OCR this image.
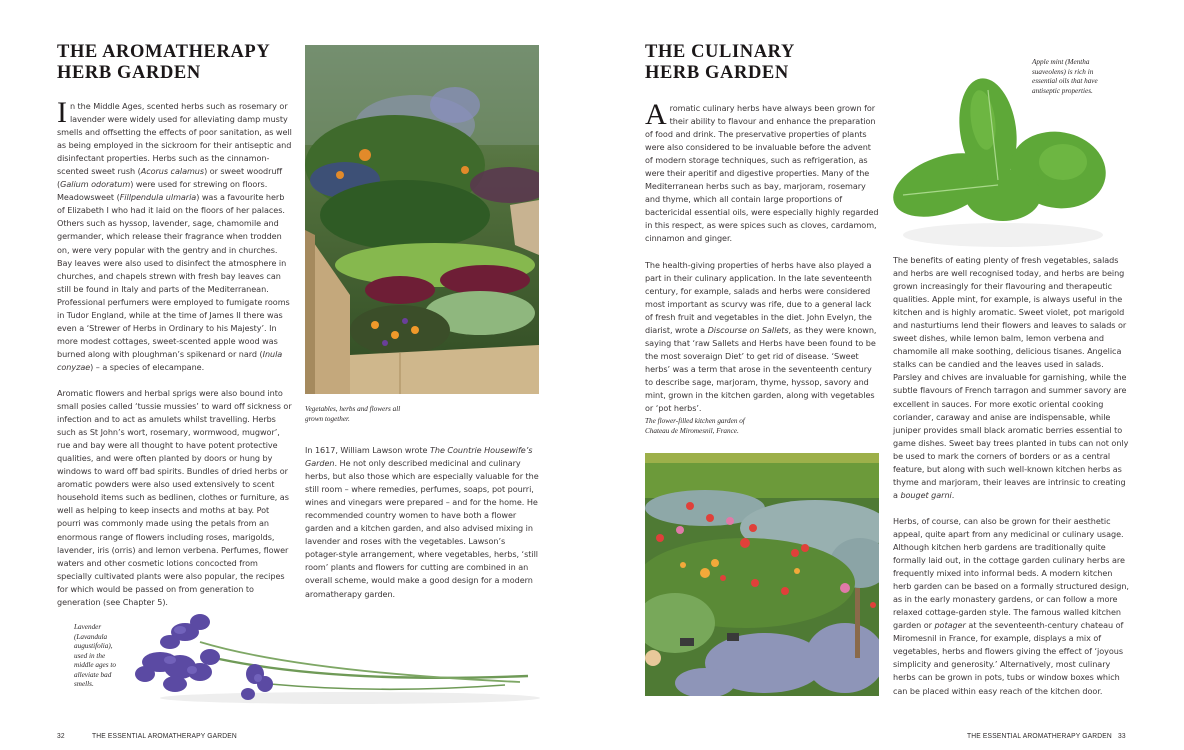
THE AROMATHERAPY
HERB GARDEN

In the Middle Ages, scented herbs such as rosemary or lavender were widely used for alleviating damp musty smells and offsetting the effects of poor sanitation, as well as being employed in the sickroom for their antiseptic and disinfectant properties. Herbs such as the cinnamon-scented sweet rush (Acorus calamus) or sweet woodruff (Galium odoratum) were used for strewing on floors. Meadowsweet (Fillpendula ulmaria) was a favourite herb of Elizabeth I who had it laid on the floors of her palaces. Others such as hyssop, lavender, sage, chamomile and germander, which release their fragrance when trodden on, were very popular with the gentry and in churches. Bay leaves were also used to disinfect the atmosphere in churches, and chapels strewn with fresh bay leaves can still be found in Italy and parts of the Mediterranean. Professional perfumers were employed to fumigate rooms in Tudor England, while at the time of James II there was even a ‘Strewer of Herbs in Ordinary to his Majesty’. In more modest cottages, sweet-scented apple wood was burned along with ploughman’s spikenard or nard (Inula conyzae) – a species of elecampane.

Aromatic flowers and herbal sprigs were also bound into small posies called ‘tussie mussies’ to ward off sickness or infection and to act as amulets whilst travelling. Herbs such as St John’s wort, rosemary, wormwood, mugwor’, rue and bay were all thought to have potent protective qualities, and were often planted by doors or hung by windows to ward off bad spirits. Bundles of dried herbs or aromatic powders were also used extensively to scent household items such as bedlinen, clothes or furniture, as well as helping to keep insects and moths at bay. Pot pourri was commonly made using the petals from an enormous range of flowers including roses, marigolds, lavender, iris (orris) and lemon verbena. Perfumes, flower waters and other cosmetic lotions concocted from specially cultivated plants were also popular, the recipes for which would be passed on from generation to generation (see Chapter 5).

Vegetables, herbs and flowers all grown together.

In 1617, William Lawson wrote The Countrie Housewife’s Garden. He not only described medicinal and culinary herbs, but also those which are especially valuable for the still room – where remedies, perfumes, soaps, pot pourri, wines and vinegars were prepared – and for the home. He recommended country women to have both a flower garden and a kitchen garden, and also advised mixing in lavender and roses with the vegetables. Lawson’s potager-style arrangement, where vegetables, herbs, ‘still room’ plants and flowers for cutting are combined in an overall scheme, would make a good design for a modern aromatherapy garden.

Lavender (Lavandula augustifolia), used in the middle ages to alleviate bad smells.

32	THE ESSENTIAL AROMATHERAPY GARDEN
THE CULINARY
HERB GARDEN

Aromatic culinary herbs have always been grown for their ability to flavour and enhance the preparation of food and drink. The preservative properties of plants were also considered to be invaluable before the advent of modern storage techniques, such as refrigeration, as were their aperitif and digestive properties. Many of the Mediterranean herbs such as bay, marjoram, rosemary and thyme, which all contain large proportions of bactericidal essential oils, were especially highly regarded in this respect, as were spices such as cloves, cardamom, cinnamon and ginger.

The health-giving properties of herbs have also played a part in their culinary application. In the late seventeenth century, for example, salads and herbs were considered most important as scurvy was rife, due to a general lack of fresh fruit and vegetables in the diet. John Evelyn, the diarist, wrote a Discourse on Sallets, as they were known, saying that ‘raw Sallets and Herbs have been found to be the most soveraign Diet’ to get rid of disease. ‘Sweet herbs’ was a term that arose in the seventeenth century to describe sage, marjoram, thyme, hyssop, savory and mint, grown in the kitchen garden, along with vegetables or ‘pot herbs’.

The flower-filled kitchen garden of Chateau de Miromesnil, France.

Apple mint (Mentha suaveolens) is rich in essential oils that have antiseptic properties.

The benefits of eating plenty of fresh vegetables, salads and herbs are well recognised today, and herbs are being grown increasingly for their flavouring and therapeutic qualities. Apple mint, for example, is always useful in the kitchen and is highly aromatic. Sweet violet, pot marigold and nasturtiums lend their flowers and leaves to salads or sweet dishes, while lemon balm, lemon verbena and chamomile all make soothing, delicious tisanes. Angelica stalks can be candied and the leaves used in salads. Parsley and chives are invaluable for garnishing, while the subtle flavours of French tarragon and summer savory are excellent in sauces. For more exotic oriental cooking coriander, caraway and anise are indispensable, while juniper provides small black aromatic berries essential to game dishes. Sweet bay trees planted in tubs can not only be used to mark the corners of borders or as a central feature, but along with such well-known kitchen herbs as thyme and marjoram, their leaves are intrinsic to creating a bouget garni.

Herbs, of course, can also be grown for their aesthetic appeal, quite apart from any medicinal or culinary usage. Although kitchen herb gardens are traditionally quite formally laid out, in the cottage garden culinary herbs are frequently mixed into informal beds. A modern kitchen herb garden can be based on a formally structured design, as in the early monastery gardens, or can follow a more relaxed cottage-garden style. The famous walled kitchen garden or potager at the seventeenth-century chateau of Miromesnil in France, for example, displays a mix of vegetables, herbs and flowers giving the effect of ‘joyous simplicity and generosity.’ Alternatively, most culinary herbs can be grown in pots, tubs or window boxes which can be placed within easy reach of the kitchen door.

THE ESSENTIAL AROMATHERAPY GARDEN 33
